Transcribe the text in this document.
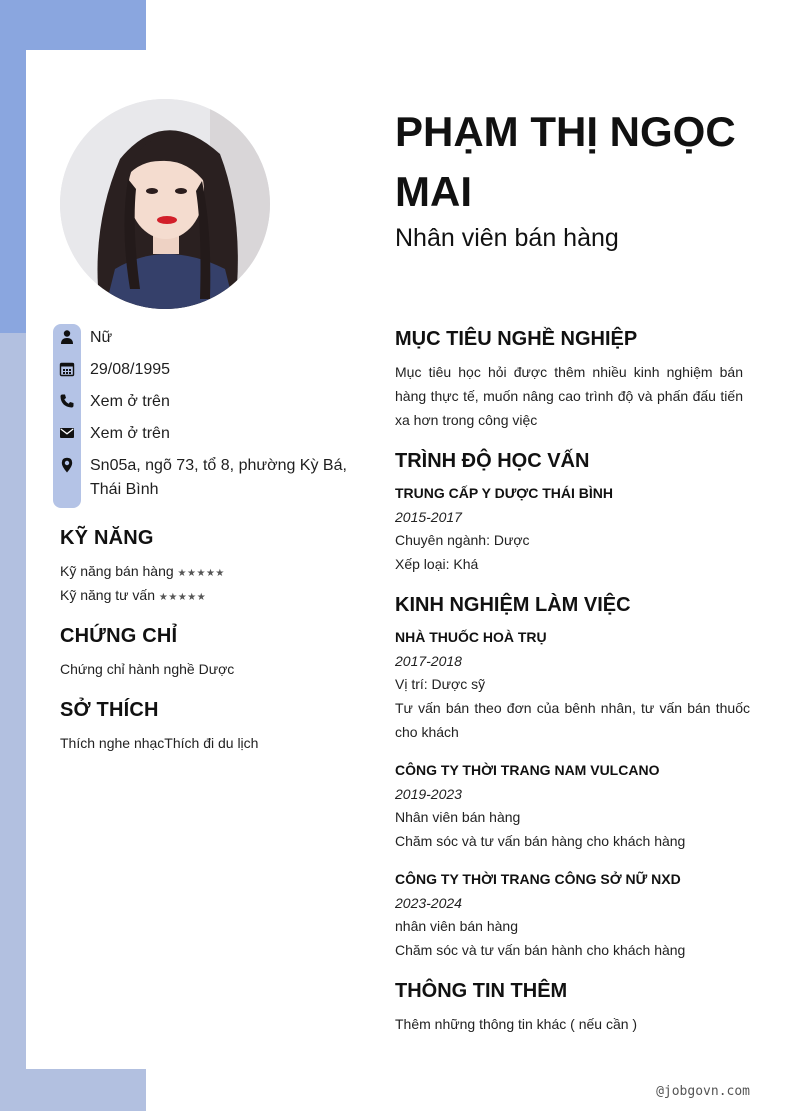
Nữ
29/08/1995
Xem ở trên
Xem ở trên
Sn05a, ngõ 73, tổ 8, phường Kỳ Bá, Thái Bình
KỸ NĂNG
Kỹ năng bán hàng ★★★★★
Kỹ năng tư vấn ★★★★★
CHỨNG CHỈ
Chứng chỉ hành nghề Dược
SỞ THÍCH
Thích nghe nhạcThích đi du lịch
PHẠM THỊ NGỌC MAI
Nhân viên bán hàng
MỤC TIÊU NGHỀ NGHIỆP
Mục tiêu học hỏi được thêm nhiều kinh nghiệm bán hàng thực tế, muốn nâng cao trình độ và phấn đấu tiến xa hơn trong công việc
TRÌNH ĐỘ HỌC VẤN
TRUNG CẤP Y DƯỢC THÁI BÌNH
2015-2017
Chuyên ngành: Dược
Xếp loại: Khá
KINH NGHIỆM LÀM VIỆC
NHÀ THUỐC HOÀ TRỤ
2017-2018
Vị trí: Dược sỹ
Tư vấn bán theo đơn của bênh nhân, tư vấn bán thuốc cho khách
CÔNG TY THỜI TRANG NAM VULCANO
2019-2023
Nhân viên bán hàng
Chăm sóc và tư vấn bán hàng cho khách hàng
CÔNG TY THỜI TRANG CÔNG SỞ NỮ NXD
2023-2024
nhân viên bán hàng
Chăm sóc và tư vấn bán hành cho khách hàng
THÔNG TIN THÊM
Thêm những thông tin khác ( nếu cần )
@jobgovn.com
